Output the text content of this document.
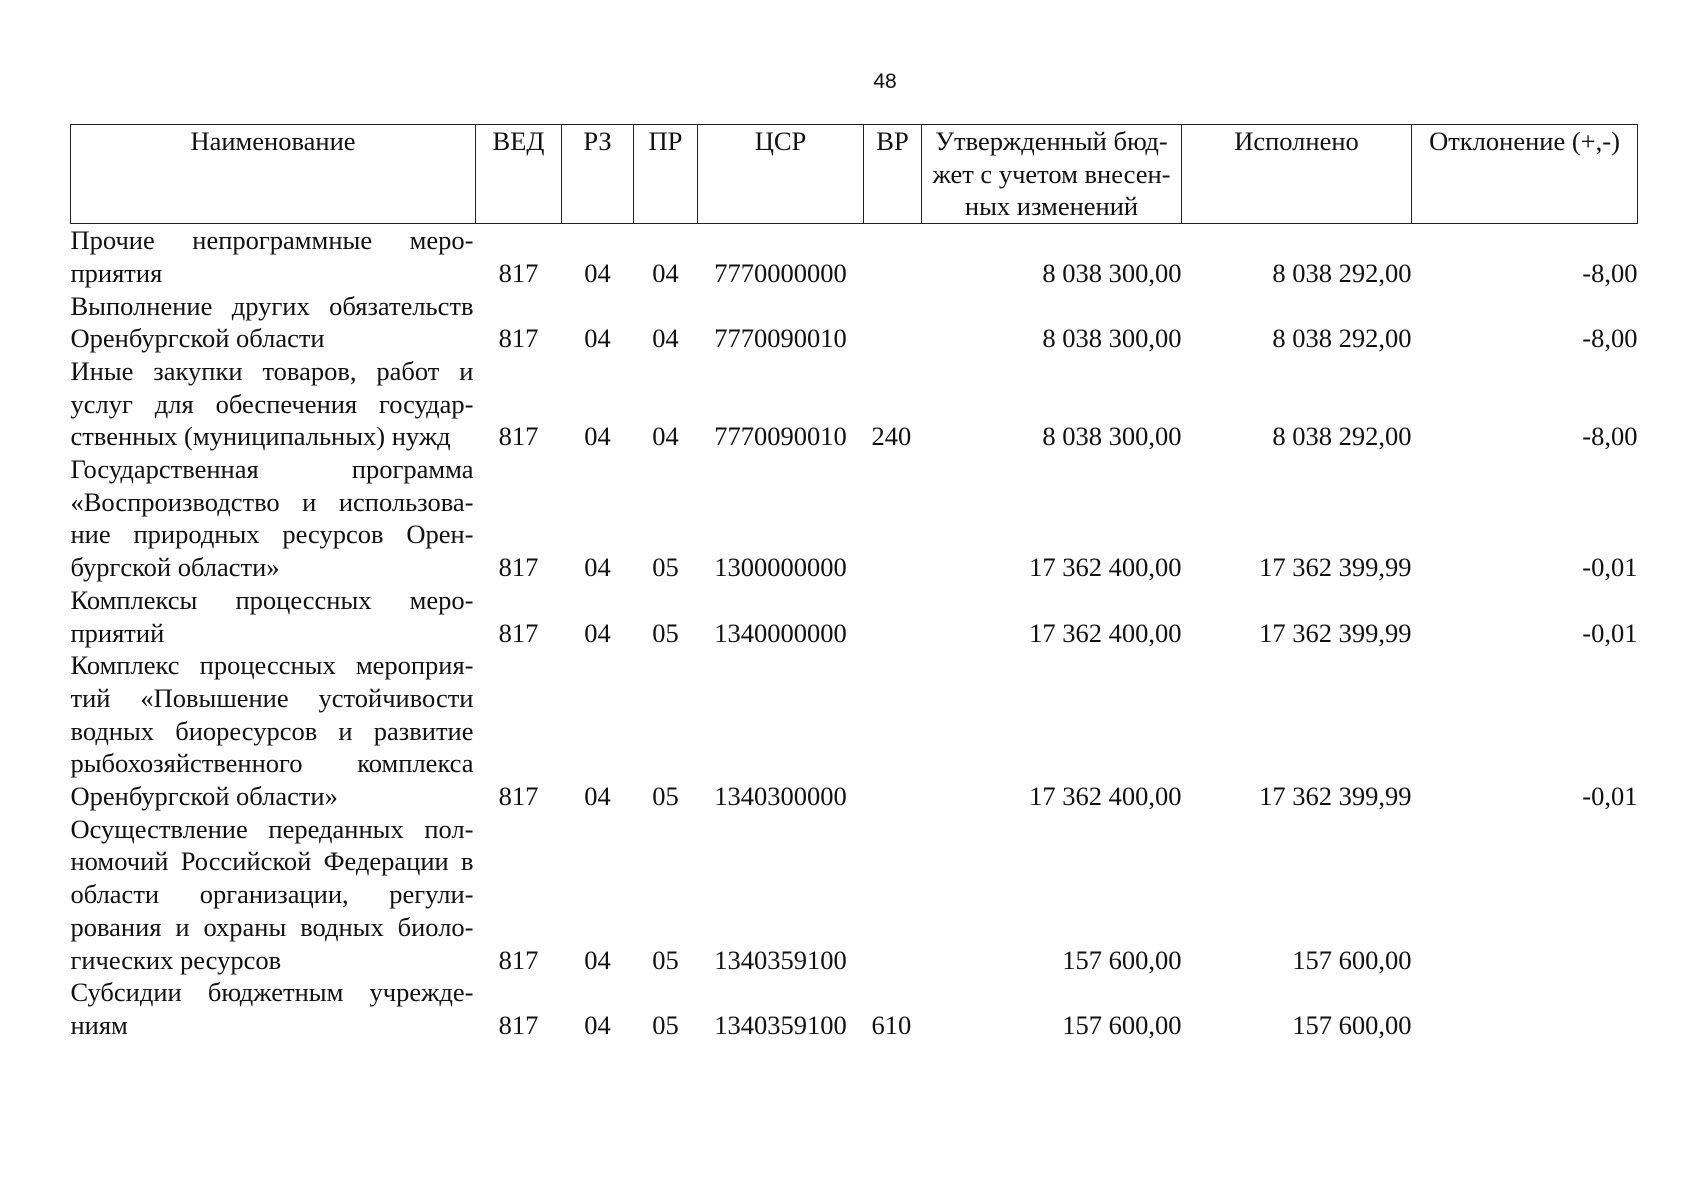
48
Наименование	ВЕД	РЗ	ПР	ЦСР	ВР	Утвержденный бюд-жет с учетом внесен-ных изменений	Исполнено	Отклонение (+,-)
Прочие непрограммные меро-приятия	817	04	04	7770000000		8 038 300,00	8 038 292,00	-8,00
Выполнение других обязательств Оренбургской области	817	04	04	7770090010		8 038 300,00	8 038 292,00	-8,00
Иные закупки товаров, работ и услуг для обеспечения государ-ственных (муниципальных) нужд	817	04	04	7770090010	240	8 038 300,00	8 038 292,00	-8,00
Государственная программа «Воспроизводство и использова-ние природных ресурсов Орен-бургской области»	817	04	05	1300000000		17 362 400,00	17 362 399,99	-0,01
Комплексы процессных меро-приятий	817	04	05	1340000000		17 362 400,00	17 362 399,99	-0,01
Комплекс процессных мероприя-тий «Повышение устойчивости водных биоресурсов и развитие рыбохозяйственного комплекса Оренбургской области»	817	04	05	1340300000		17 362 400,00	17 362 399,99	-0,01
Осуществление переданных пол-номочий Российской Федерации в области организации, регули-рования и охраны водных биоло-гических ресурсов	817	04	05	1340359100		157 600,00	157 600,00	
Субсидии бюджетным учрежде-ниям	817	04	05	1340359100	610	157 600,00	157 600,00	
